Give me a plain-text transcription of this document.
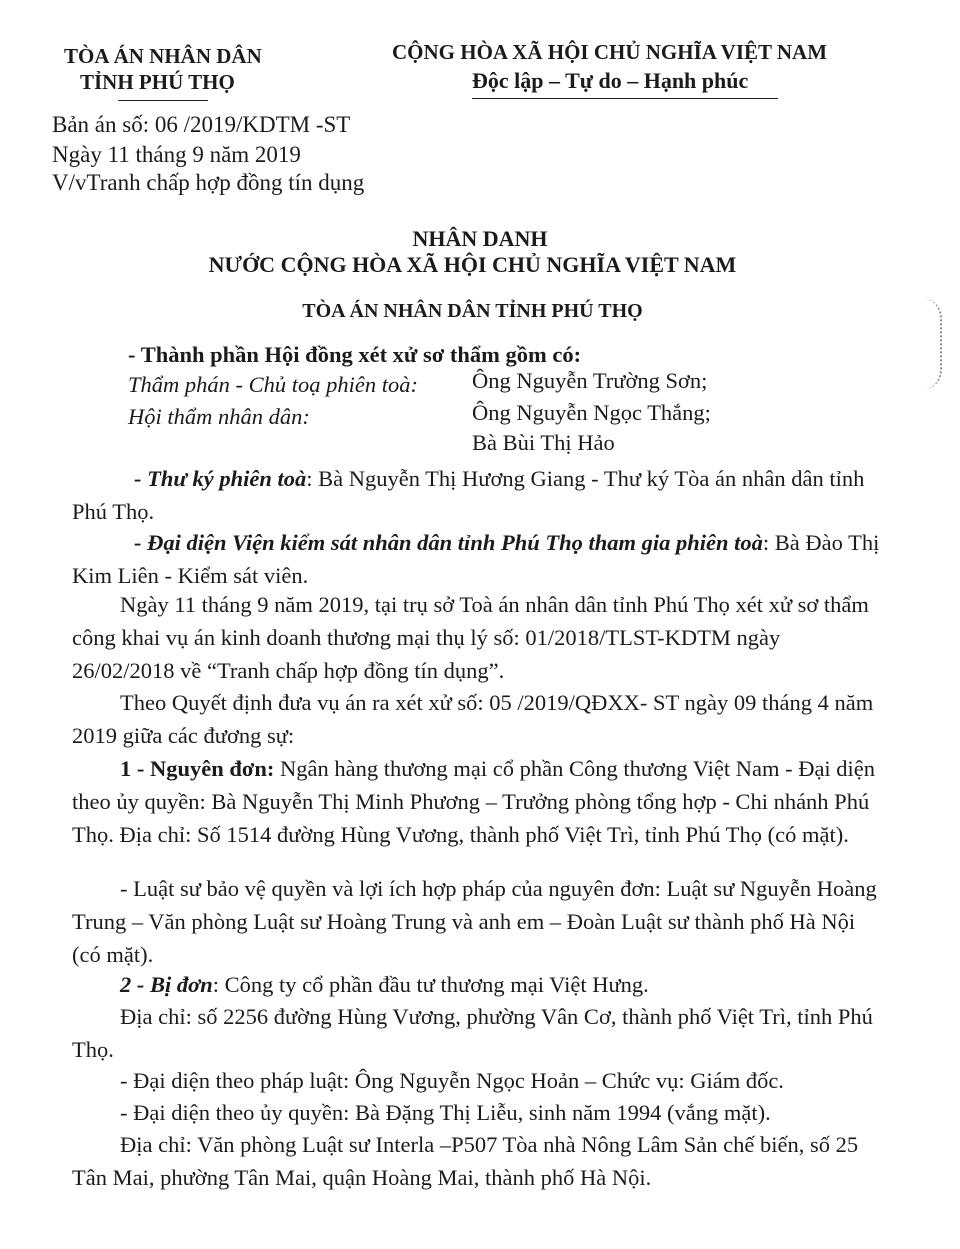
TÒA ÁN NHÂN DÂN
TỈNH PHÚ THỌ
CỘNG HÒA XÃ HỘI CHỦ NGHĨA VIỆT NAM
Độc lập – Tự do – Hạnh phúc
Bản án số: 06 /2019/KDTM -ST
Ngày 11 tháng 9 năm 2019
V/vTranh chấp hợp đồng tín dụng
NHÂN DANH
NƯỚC CỘNG HÒA XÃ HỘI CHỦ NGHĨA VIỆT NAM
TÒA ÁN NHÂN DÂN TỈNH PHÚ THỌ
- Thành phần Hội đồng xét xử sơ thẩm gồm có:
Thẩm phán - Chủ toạ phiên toà: Ông Nguyễn Trường Sơn;
Hội thẩm nhân dân:	Ông Nguyễn Ngọc Thắng;
Bà Bùi Thị Hảo
- Thư ký phiên toà: Bà Nguyễn Thị Hương Giang - Thư ký Tòa án nhân dân tỉnh Phú Thọ.
- Đại diện Viện kiểm sát nhân dân tỉnh Phú Thọ tham gia phiên toà: Bà Đào Thị Kim Liên - Kiểm sát viên.
Ngày 11 tháng 9 năm 2019, tại trụ sở Toà án nhân dân tỉnh Phú Thọ xét xử sơ thẩm công khai vụ án kinh doanh thương mại thụ lý số: 01/2018/TLST-KDTM ngày 26/02/2018 về “Tranh chấp hợp đồng tín dụng”.
Theo Quyết định đưa vụ án ra xét xử số: 05 /2019/QĐXX- ST ngày 09 tháng 4 năm 2019 giữa các đương sự:
1 - Nguyên đơn: Ngân hàng thương mại cổ phần Công thương Việt Nam - Đại diện theo ủy quyền: Bà Nguyễn Thị Minh Phương – Trưởng phòng tổng hợp - Chi nhánh Phú Thọ. Địa chỉ: Số 1514 đường Hùng Vương, thành phố Việt Trì, tỉnh Phú Thọ (có mặt).
- Luật sư bảo vệ quyền và lợi ích hợp pháp của nguyên đơn: Luật sư Nguyễn Hoàng Trung – Văn phòng Luật sư Hoàng Trung và anh em – Đoàn Luật sư thành phố Hà Nội (có mặt).
2 - Bị đơn: Công ty cổ phần đầu tư thương mại Việt Hưng.
Địa chỉ: số 2256 đường Hùng Vương, phường Vân Cơ, thành phố Việt Trì, tỉnh Phú Thọ.
- Đại diện theo pháp luật: Ông Nguyễn Ngọc Hoản – Chức vụ: Giám đốc.
- Đại diện theo ủy quyền: Bà Đặng Thị Liễu, sinh năm 1994 (vắng mặt).
Địa chỉ: Văn phòng Luật sư Interla –P507 Tòa nhà Nông Lâm Sản chế biến, số 25 Tân Mai, phường Tân Mai, quận Hoàng Mai, thành phố Hà Nội.
